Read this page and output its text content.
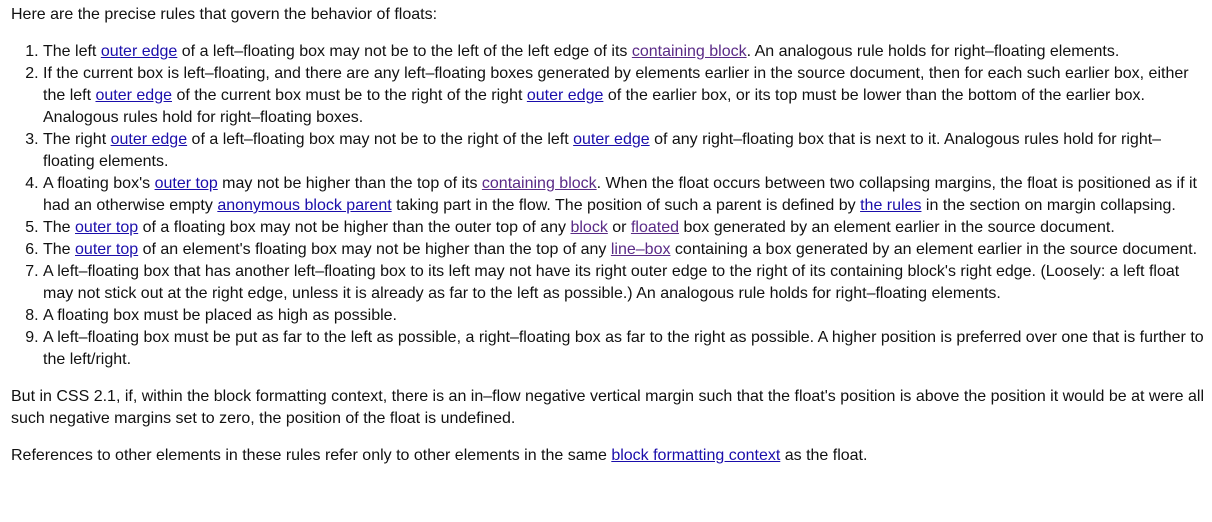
Here are the precise rules that govern the behavior of floats:

1. The left outer edge of a left–floating box may not be to the left of the left edge of its containing block. An analogous rule holds for right–floating elements.
2. If the current box is left–floating, and there are any left–floating boxes generated by elements earlier in the source document, then for each such earlier box, either the left outer edge of the current box must be to the right of the right outer edge of the earlier box, or its top must be lower than the bottom of the earlier box. Analogous rules hold for right–floating boxes.
3. The right outer edge of a left–floating box may not be to the right of the left outer edge of any right–floating box that is next to it. Analogous rules hold for right–floating elements.
4. A floating box's outer top may not be higher than the top of its containing block. When the float occurs between two collapsing margins, the float is positioned as if it had an otherwise empty anonymous block parent taking part in the flow. The position of such a parent is defined by the rules in the section on margin collapsing.
5. The outer top of a floating box may not be higher than the outer top of any block or floated box generated by an element earlier in the source document.
6. The outer top of an element's floating box may not be higher than the top of any line–box containing a box generated by an element earlier in the source document.
7. A left–floating box that has another left–floating box to its left may not have its right outer edge to the right of its containing block's right edge. (Loosely: a left float may not stick out at the right edge, unless it is already as far to the left as possible.) An analogous rule holds for right–floating elements.
8. A floating box must be placed as high as possible.
9. A left–floating box must be put as far to the left as possible, a right–floating box as far to the right as possible. A higher position is preferred over one that is further to the left/right.

But in CSS 2.1, if, within the block formatting context, there is an in–flow negative vertical margin such that the float's position is above the position it would be at were all such negative margins set to zero, the position of the float is undefined.

References to other elements in these rules refer only to other elements in the same block formatting context as the float.
